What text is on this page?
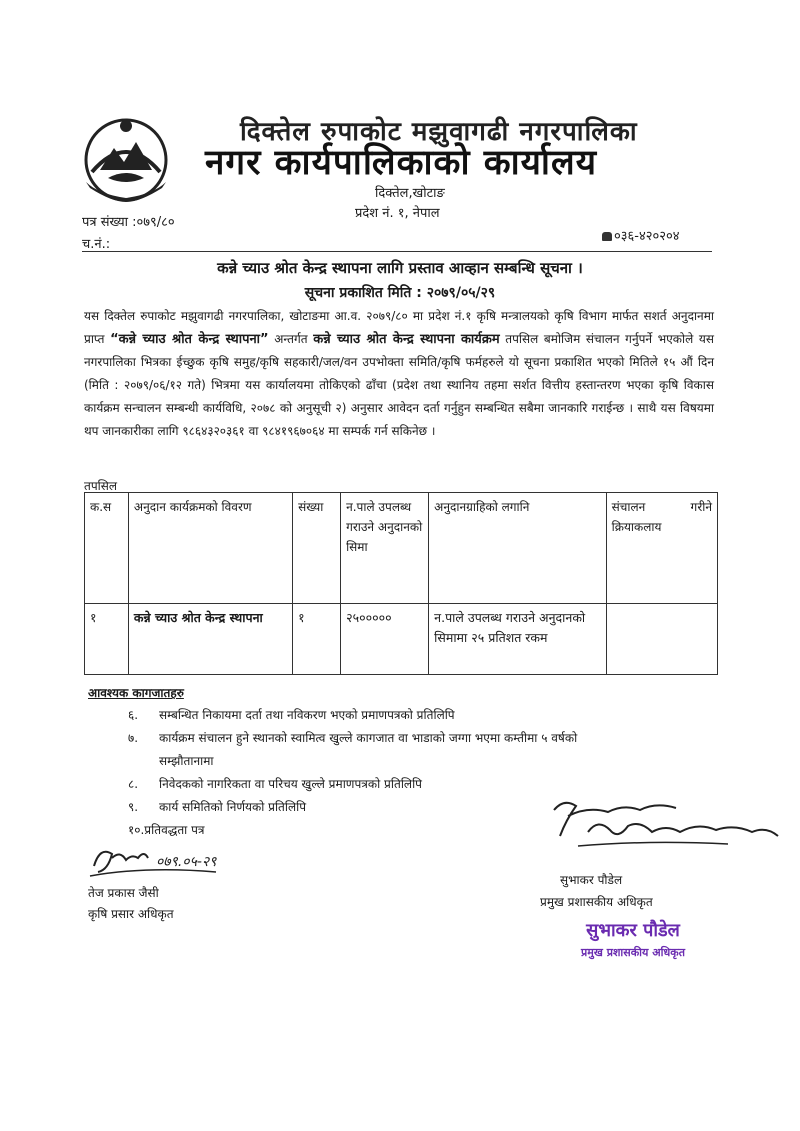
दिक्तेल रुपाकोट मझुवागढी नगरपालिका
नगर कार्यपालिकाको कार्यालय
दिक्तेल,खोटाङ
प्रदेश नं. १, नेपाल
पत्र संख्या :०७९/८०
च.नं.:
०३६-४२०२०४
कन्ने च्याउ श्रोत केन्द्र स्थापना लागि प्रस्ताव आव्हान सम्बन्धि सूचना ।
सूचना प्रकाशित मिति : २०७९/०५/२९
यस दिक्तेल रुपाकोट मझुवागढी नगरपालिका, खोटाङमा आ.व. २०७९/८० मा प्रदेश नं.१ कृषि मन्त्रालयको कृषि विभाग मार्फत सशर्त अनुदानमा प्राप्त “कन्ने च्याउ श्रोत केन्द्र स्थापना” अन्तर्गत कन्ने च्याउ श्रोत केन्द्र स्थापना कार्यक्रम तपसिल बमोजिम संचालन गर्नुपर्ने भएकोले यस नगरपालिका भित्रका ईच्छुक कृषि समुह/कृषि सहकारी/जल/वन उपभोक्ता समिति/कृषि फर्महरुले यो सूचना प्रकाशित भएको मितिले १५ औं दिन (मिति : २०७९/०६/१२ गते) भित्रमा यस कार्यालयमा तोकिएको ढाँचा (प्रदेश तथा स्थानिय तहमा सर्शत वित्तीय हस्तान्तरण भएका कृषि विकास कार्यक्रम सन्चालन सम्बन्धी कार्यविधि, २०७८ को अनुसूची २) अनुसार आवेदन दर्ता गर्नुहुन सम्बन्धित सबैमा जानकारि गराईन्छ । साथै यस विषयमा थप जानकारीका लागि ९८६४३२०३६१ वा ९८४१९६७०६४ मा सम्पर्क गर्न सकिनेछ ।
तपसिल
क.स	अनुदान कार्यक्रमको विवरण	संख्या	न.पाले उपलब्ध गराउने अनुदानको सिमा	अनुदानग्राहिको लगानि	संचालन गरीने क्रियाकलाय
१	कन्ने च्याउ श्रोत केन्द्र स्थापना	१	२५०००००	न.पाले उपलब्ध गराउने अनुदानको सिमामा २५ प्रतिशत रकम	
आवश्यक कागजातहरु
६. सम्बन्धित निकायमा दर्ता तथा नविकरण भएको प्रमाणपत्रको प्रतिलिपि
७. कार्यक्रम संचालन हुने स्थानको स्वामित्व खुल्ले कागजात वा भाडाको जग्गा भएमा कम्तीमा ५ वर्षको
सम्झौतानामा
८. निवेदकको नागरिकता वा परिचय खुल्ले प्रमाणपत्रको प्रतिलिपि
९. कार्य समितिको निर्णयको प्रतिलिपि
१०.प्रतिवद्धता पत्र
०७९.०५-२९
तेज प्रकास जैसी
कृषि प्रसार अधिकृत
सुभाकर पौडेल
प्रमुख प्रशासकीय अधिकृत
सुभाकर पौडेल
प्रमुख प्रशासकीय अधिकृत
